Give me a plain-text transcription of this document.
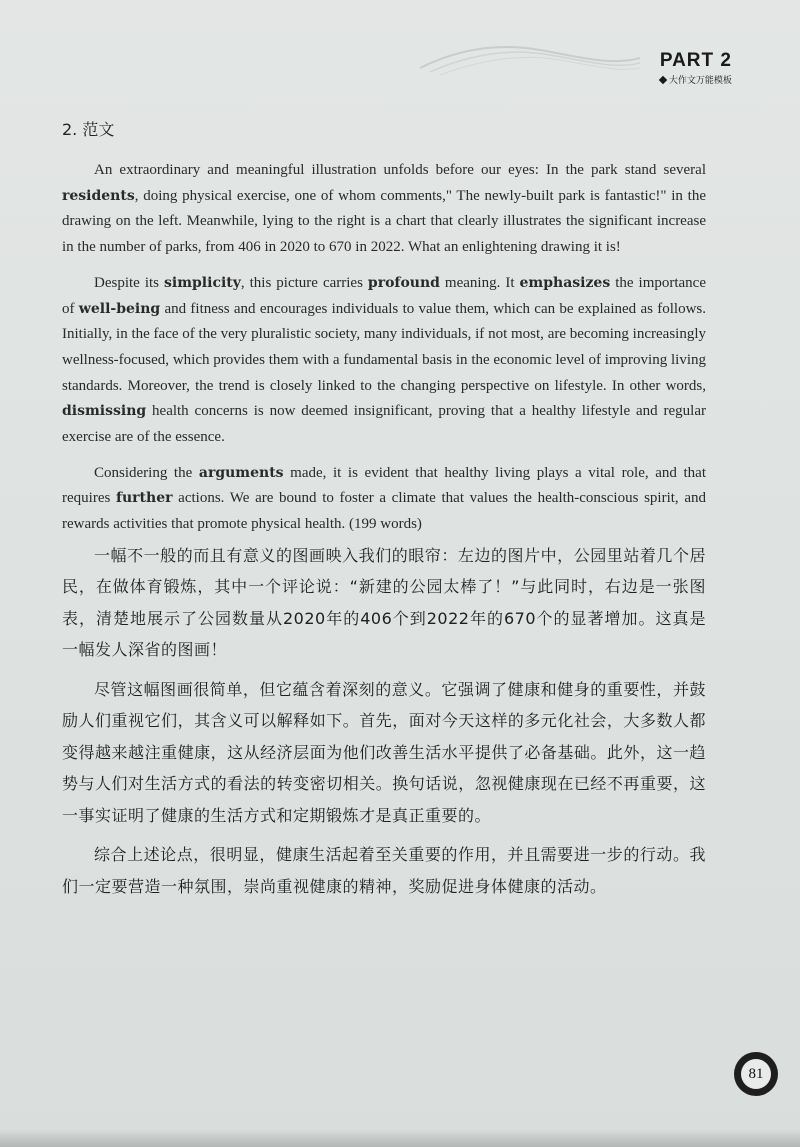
PART 2
大作文万能模板
2. 范文

An extraordinary and meaningful illustration unfolds before our eyes: In the park stand several residents, doing physical exercise, one of whom comments," The newly-built park is fantastic!" in the drawing on the left. Meanwhile, lying to the right is a chart that clearly illustrates the significant increase in the number of parks, from 406 in 2020 to 670 in 2022. What an enlightening drawing it is!

Despite its simplicity, this picture carries profound meaning. It emphasizes the importance of well-being and fitness and encourages individuals to value them, which can be explained as follows. Initially, in the face of the very pluralistic society, many individuals, if not most, are becoming increasingly wellness-focused, which provides them with a fundamental basis in the economic level of improving living standards. Moreover, the trend is closely linked to the changing perspective on lifestyle. In other words, dismissing health concerns is now deemed insignificant, proving that a healthy lifestyle and regular exercise are of the essence.

Considering the arguments made, it is evident that healthy living plays a vital role, and that requires further actions. We are bound to foster a climate that values the health-conscious spirit, and rewards activities that promote physical health. (199 words)

一幅不一般的而且有意义的图画映入我们的眼帘：左边的图片中，公园里站着几个居民，在做体育锻炼，其中一个评论说：“新建的公园太棒了！”与此同时，右边是一张图表，清楚地展示了公园数量从2020年的406个到2022年的670个的显著增加。这真是一幅发人深省的图画！

尽管这幅图画很简单，但它蕴含着深刻的意义。它强调了健康和健身的重要性，并鼓励人们重视它们，其含义可以解释如下。首先，面对今天这样的多元化社会，大多数人都变得越来越注重健康，这从经济层面为他们改善生活水平提供了必备基础。此外，这一趋势与人们对生活方式的看法的转变密切相关。换句话说，忽视健康现在已经不再重要，这一事实证明了健康的生活方式和定期锻炼才是真正重要的。

综合上述论点，很明显，健康生活起着至关重要的作用，并且需要进一步的行动。我们一定要营造一种氛围，崇尚重视健康的精神，奖励促进身体健康的活动。

81
